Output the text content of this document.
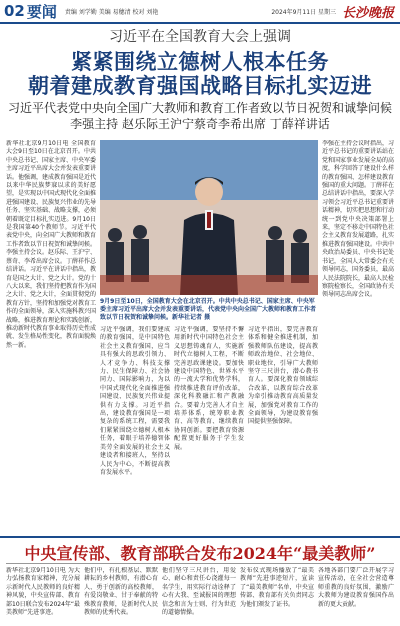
02 要闻 责编 刘学勤 美编 易穗清 校对 刘艳	2024年9月11日 星期三 长沙晚报
习近平在全国教育大会上强调
紧紧围绕立德树人根本任务
朝着建成教育强国战略目标扎实迈进
习近平代表党中央向全国广大教师和教育工作者致以节日祝贺和诚挚问候
李强主持 赵乐际王沪宁蔡奇李希出席 丁薛祥讲话
新华社北京9月10日电 全国教育大会9日至10日在北京召开。中共中央总书记、国家主席、中央军委主席习近平出席大会并发表重要讲话。他强调，建成教育强国是近代以来中华民族梦寐以求的美好愿望，是实现以中国式现代化全面推进强国建设、民族复兴伟业的先导任务、坚实基础、战略支撑，必须朝着既定目标扎实迈进。9月10日是我国第40个教师节。习近平代表党中央，向全国广大教师和教育工作者致以节日祝贺和诚挚问候。李强主持会议。赵乐际、王沪宁、蔡奇、李希出席会议。丁薛祥作总结讲话。习近平在讲话中指出，教育是国之大计、党之大计。党的十八大以来，我们坚持把教育作为国之大计、党之大计，全面贯彻党的教育方针，坚持和加强党对教育工作的全面领导，深入实施科教兴国战略，推进教育理论和实践创新，推动新时代教育事业取得历史性成就、发生格局性变化，教育面貌焕然一新。
9月9日至10日，全国教育大会在北京召开。中共中央总书记、国家主席、中央军委主席习近平出席大会并发表重要讲话，代表党中央向全国广大教师和教育工作者致以节日祝贺和诚挚问候。新华社记者 摄
习近平强调，我们要建成的教育强国，是中国特色社会主义教育强国，应当具有强大的思政引领力、人才竞争力、科技支撑力、民生保障力、社会协同力、国际影响力，为以中国式现代化全面推进强国建设、民族复兴伟业提供有力支撑。习近平指出，建设教育强国是一项复杂的系统工程，需要我们紧紧围绕立德树人根本任务，着眼于培养德智体美劳全面发展的社会主义建设者和接班人，坚持以人民为中心，不断提高教育发展水平。
习近平强调，要坚持不懈用新时代中国特色社会主义思想铸魂育人，实施新时代立德树人工程，不断完善思政课建设。要加快建设中国特色、世界水平的一流大学和优势学科，持续推进教育评价改革，深化科教融汇和产教融合。要着力完善人才自主培养体系，统筹职业教育、高等教育、继续教育协同创新。要把教育资源配置更好服务于学生发展。
习近平指出，要完善教育体系和健全推进机制，加强教师队伍建设，提高教师政治地位、社会地位、职业地位，引导广大教师坚守三尺讲台，潜心教书育人。要深化教育领域综合改革，以教育综合改革为牵引推动教育高质量发展，加强党对教育工作的全面领导，为建设教育强国提供坚强保障。
李强在主持会议时指出，习近平总书记的重要讲话站在党和国家事业发展全局的高度，科学回答了建设什么样的教育强国、怎样建设教育强国的重大问题。丁薛祥在总结讲话中指出，要深入学习领会习近平总书记重要讲话精神，切实把思想和行动统一到党中央决策部署上来，坚定不移走中国特色社会主义教育发展道路，扎实推进教育强国建设。中共中央政治局委员、中央书记处书记，全国人大常委会有关领导同志，国务委员，最高人民法院院长，最高人民检察院检察长，全国政协有关领导同志出席会议。
中央宣传部、教育部联合发布2024年“最美教师”
新华社北京9月10日电 为大力弘扬教育家精神，充分展示新时代人民教师的良好精神风貌，中央宣传部、教育部10日联合发布2024年“最美教师”先进事迹。
他们中，有扎根基层、默默耕耘的乡村教师，有潜心育人、勇于创新的高校教师，有爱岗敬业、甘于奉献的特殊教育教师，是新时代人民教师的优秀代表。
他们坚守三尺讲台，用爱心、耐心和责任心浇灌每一名学生，用实际行动诠释了心有大我、至诚报国的理想信念和言为士则、行为世范的道德情操。
发布仪式现场播放了“最美教师”先进事迹短片，宣读了“最美教师”名单，中央宣传部、教育部有关负责同志为他们颁发了证书。
各地各部门要广泛开展学习宣传活动，在全社会营造尊师重教的良好氛围，激励广大教师为建设教育强国作出新的更大贡献。
